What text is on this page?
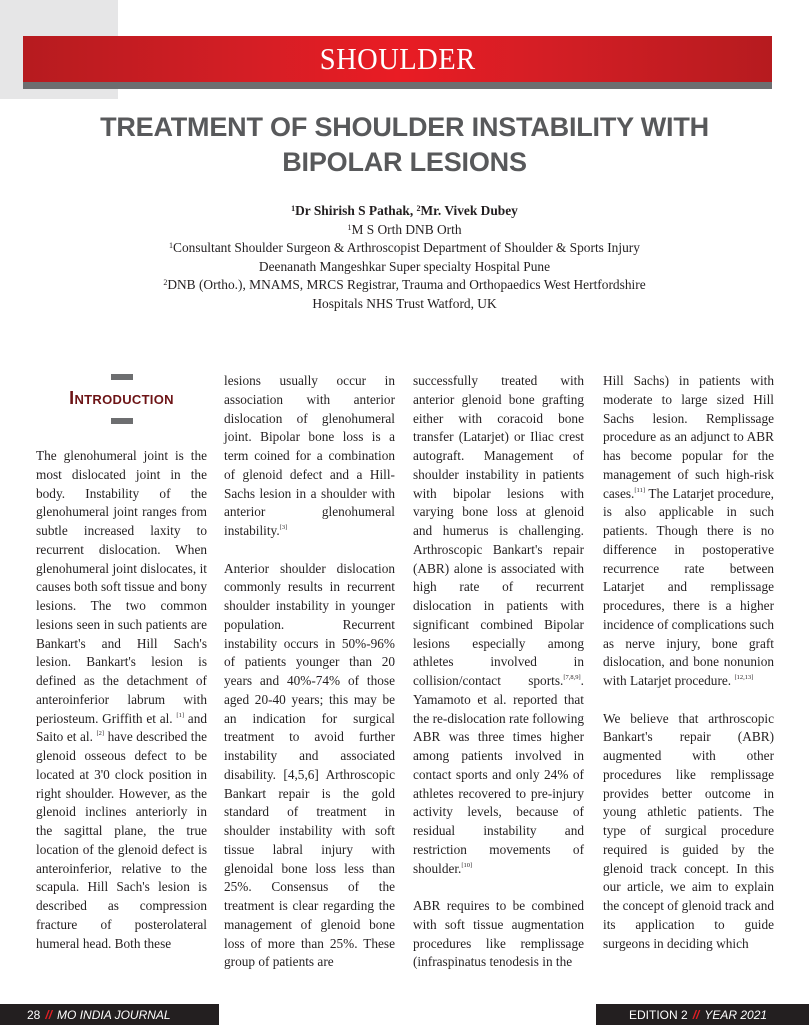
SHOULDER
TREATMENT OF SHOULDER INSTABILITY WITH
BIPOLAR LESIONS
$^1$Dr Shirish S Pathak, $^2$Mr. Vivek Dubey
$^1$M S Orth DNB Orth
$^1$Consultant Shoulder Surgeon & Arthroscopist Department of Shoulder & Sports Injury
Deenanath Mangeshkar Super specialty Hospital Pune
$^2$DNB (Ortho.), MNAMS, MRCS Registrar, Trauma and Orthopaedics West Hertfordshire
Hospitals NHS Trust Watford, UK
Introduction

The glenohumeral joint is the most dislocated joint in the body. Instability of the glenohumeral joint ranges from subtle increased laxity to recurrent dislocation. When glenohumeral joint dislocates, it causes both soft tissue and bony lesions. The two common lesions seen in such patients are Bankart's and Hill Sach's lesion. Bankart's lesion is defined as the detachment of anteroinferior labrum with periosteum. Griffith et al. [1] and Saito et al. [2] have described the glenoid osseous defect to be located at 3'0 clock position in right shoulder. However, as the glenoid inclines anteriorly in the sagittal plane, the true location of the glenoid defect is anteroinferior, relative to the scapula. Hill Sach's lesion is described as compression fracture of posterolateral humeral head. Both these

lesions usually occur in association with anterior dislocation of glenohumeral joint. Bipolar bone loss is a term coined for a combination of glenoid defect and a Hill-Sachs lesion in a shoulder with anterior glenohumeral instability.[3]

Anterior shoulder dislocation commonly results in recurrent shoulder instability in younger population. Recurrent instability occurs in 50%-96% of patients younger than 20 years and 40%-74% of those aged 20-40 years; this may be an indication for surgical treatment to avoid further instability and associated disability. [4,5,6] Arthroscopic Bankart repair is the gold standard of treatment in shoulder instability with soft tissue labral injury with glenoidal bone loss less than 25%. Consensus of the treatment is clear regarding the management of glenoid bone loss of more than 25%. These group of patients are

successfully treated with anterior glenoid bone grafting either with coracoid bone transfer (Latarjet) or Iliac crest autograft. Management of shoulder instability in patients with bipolar lesions with varying bone loss at glenoid and humerus is challenging. Arthroscopic Bankart's repair (ABR) alone is associated with high rate of recurrent dislocation in patients with significant combined Bipolar lesions especially among athletes involved in collision/contact sports.[7,8,9]. Yamamoto et al. reported that the re-dislocation rate following ABR was three times higher among patients involved in contact sports and only 24% of athletes recovered to pre-injury activity levels, because of residual instability and restriction movements of shoulder.[10]

ABR requires to be combined with soft tissue augmentation procedures like remplissage (infraspinatus tenodesis in the

Hill Sachs) in patients with moderate to large sized Hill Sachs lesion. Remplissage procedure as an adjunct to ABR has become popular for the management of such high-risk cases.[11] The Latarjet procedure, is also applicable in such patients. Though there is no difference in postoperative recurrence rate between Latarjet and remplissage procedures, there is a higher incidence of complications such as nerve injury, bone graft dislocation, and bone nonunion with Latarjet procedure. [12,13]

We believe that arthroscopic Bankart's repair (ABR) augmented with other procedures like remplissage provides better outcome in young athletic patients. The type of surgical procedure required is guided by the glenoid track concept. In this our article, we aim to explain the concept of glenoid track and its application to guide surgeons in deciding which

28 // MO INDIA JOURNAL	EDITION 2 // YEAR 2021
